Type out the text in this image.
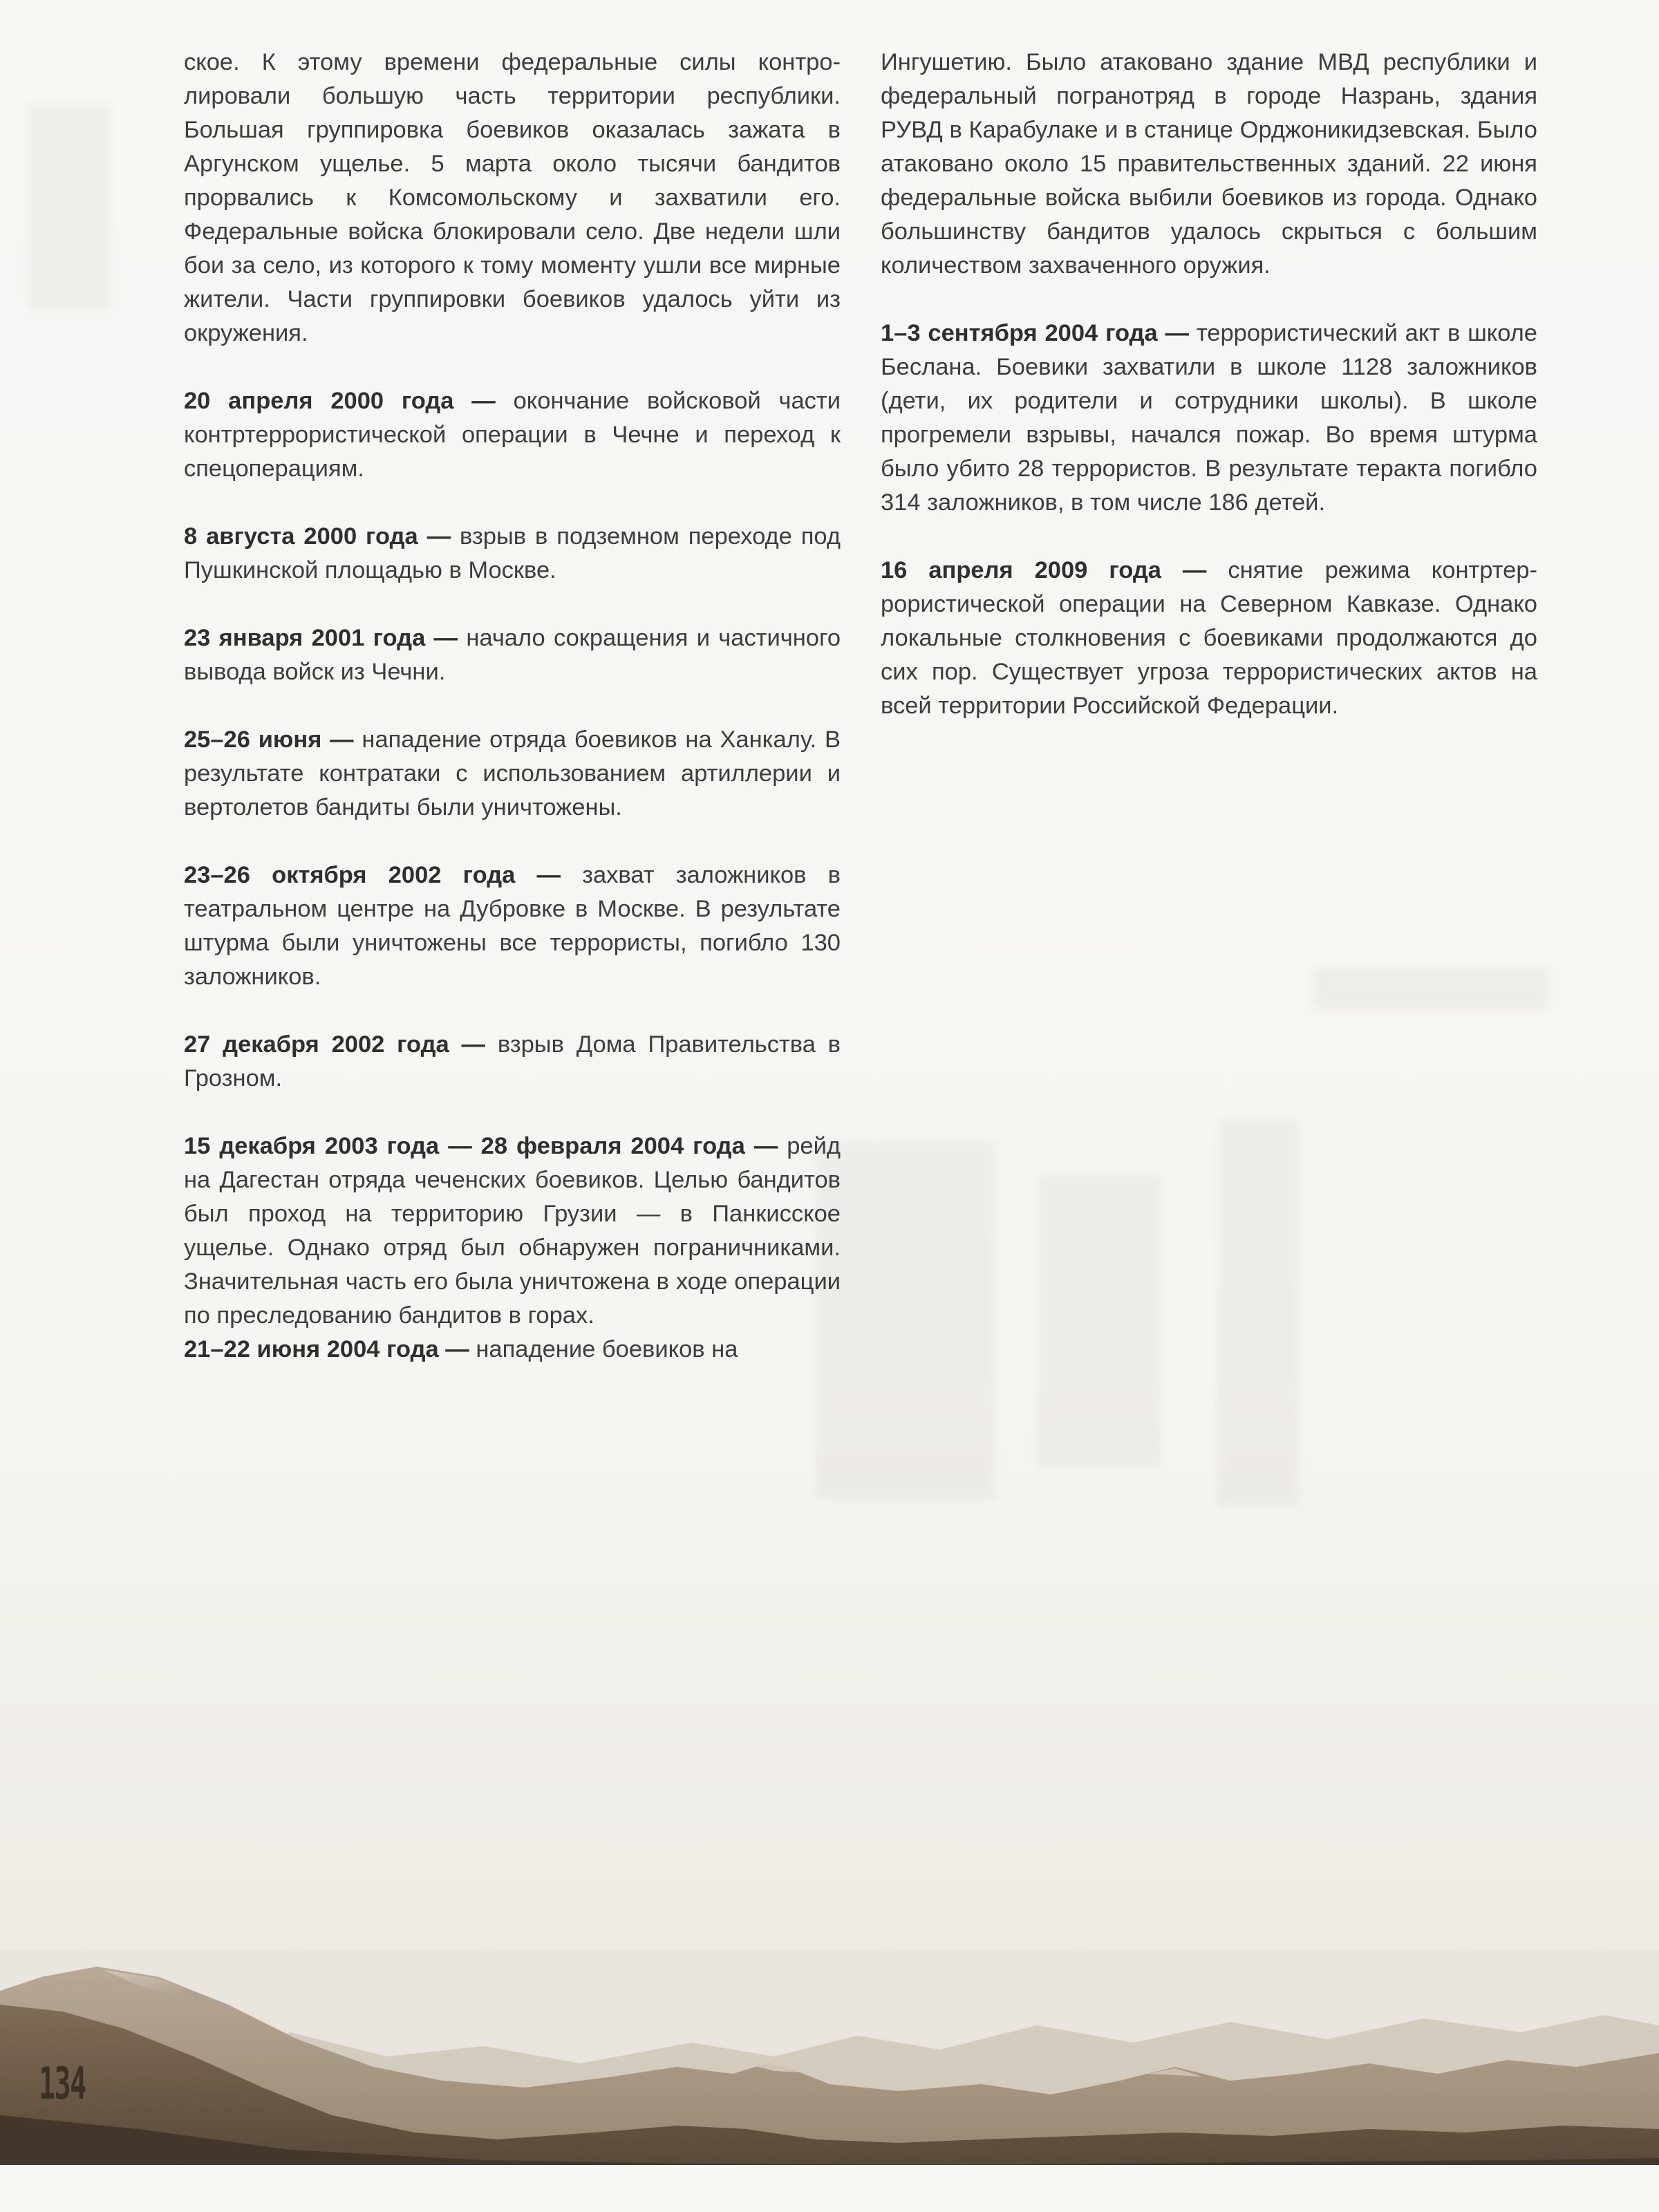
ское. К этому времени федеральные силы контролировали большую часть территории республики. Большая группировка боевиков оказалась зажата в Аргунском ущелье. 5 марта около тысячи бандитов прорвались к Комсомольскому и захватили его. Федеральные войска блокировали село. Две недели шли бои за село, из которого к тому моменту ушли все мирные жители. Части группировки боевиков удалось уйти из окружения.

20 апреля 2000 года — окончание войсковой части контртеррористической операции в Чечне и переход к спецоперациям.

8 августа 2000 года — взрыв в подземном переходе под Пушкинской площадью в Москве.

23 января 2001 года — начало сокращения и частичного вывода войск из Чечни.

25–26 июня — нападение отряда боевиков на Ханкалу. В результате контратаки с использованием артиллерии и вертолетов бандиты были уничтожены.

23–26 октября 2002 года — захват заложников в театральном центре на Дубровке в Москве. В результате штурма были уничтожены все террористы, погибло 130 заложников.

27 декабря 2002 года — взрыв Дома Правительства в Грозном.

15 декабря 2003 года — 28 февраля 2004 года — рейд на Дагестан отряда чеченских боевиков. Целью бандитов был проход на территорию Грузии — в Панкисское ущелье. Однако отряд был обнаружен пограничниками. Значительная часть его была уничтожена в ходе операции по преследованию бандитов в горах.

21–22 июня 2004 года — нападение боевиков на

Ингушетию. Было атаковано здание МВД республики и федеральный погранотряд в городе Назрань, здания РУВД в Карабулаке и в станице Орджоникидзевская. Было атаковано около 15 правительственных зданий. 22 июня федеральные войска выбили боевиков из города. Однако большинству бандитов удалось скрыться с большим количеством захваченного оружия.

1–3 сентября 2004 года — террористический акт в школе Беслана. Боевики захватили в школе 1128 заложников (дети, их родители и сотрудники школы). В школе прогремели взрывы, начался пожар. Во время штурма было убито 28 террористов. В результате теракта погибло 314 заложников, в том числе 186 детей.

16 апреля 2009 года — снятие режима контртеррористической операции на Северном Кавказе. Однако локальные столкновения с боевиками продолжаются до сих пор. Существует угроза террористических актов на всей территории Российской Федерации.

134
